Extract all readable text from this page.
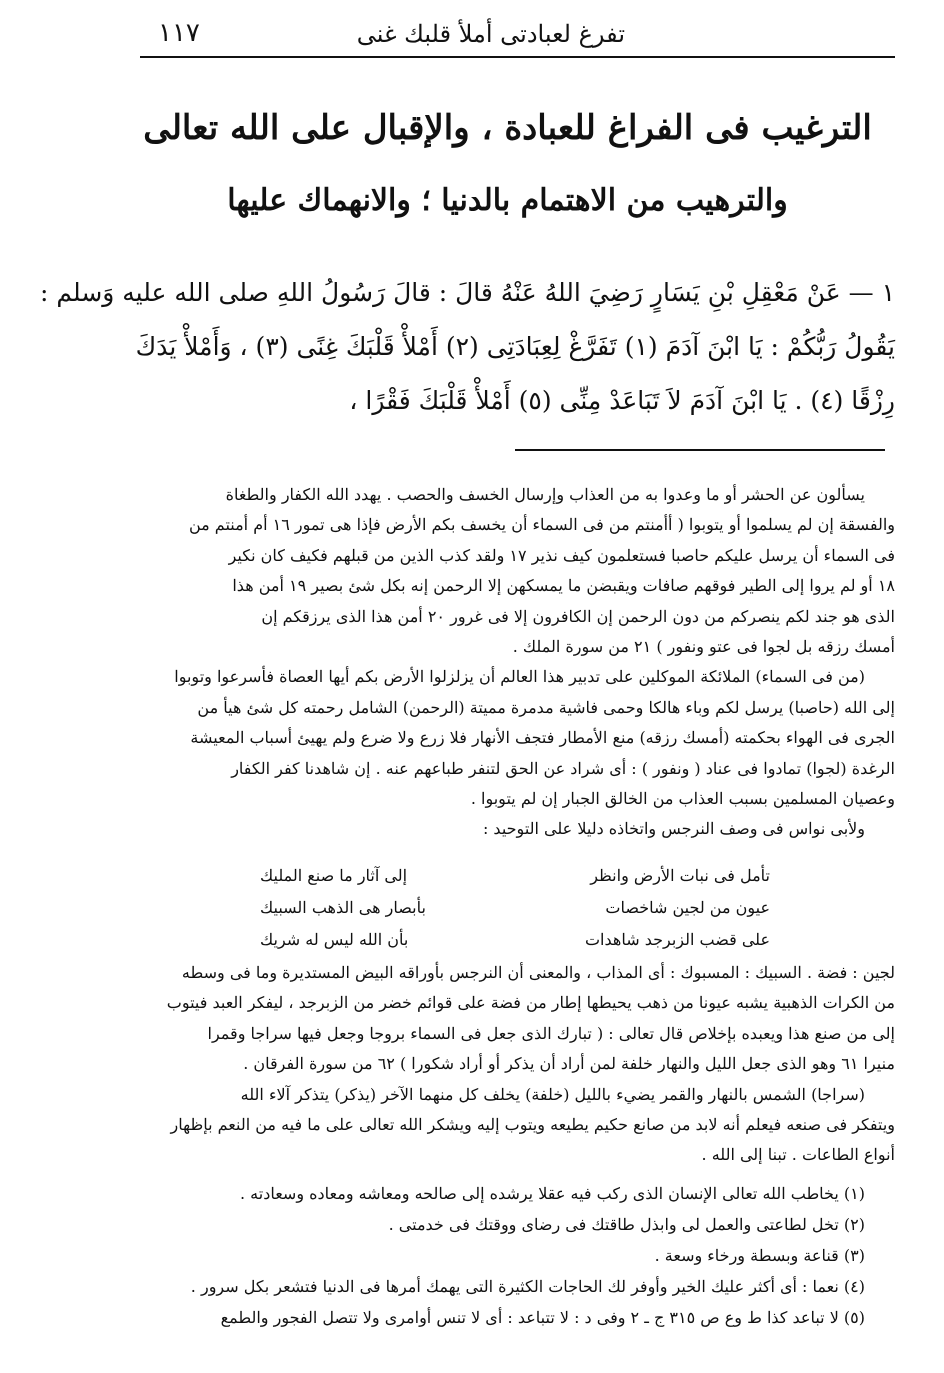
تفرغ لعبادتى أملأ قلبك غنى
١١٧
الترغيب فى الفراغ للعبادة ، والإقبال على الله تعالى
والترهيب من الاهتمام بالدنيا ؛ والانهماك عليها
١ — عَنْ مَعْقِلِ بْنِ يَسَارٍ رَضِيَ اللهُ عَنْهُ قالَ : قالَ رَسُولُ اللهِ صلى الله عليه وَسلم :
يَقُولُ رَبُّكُمْ : يَا ابْنَ آدَمَ (١) تَفَرَّغْ لِعِبَادَتِى (٢) أَمْلأْ قَلْبَكَ غِنًى (٣) ، وَأَمْلأْ يَدَكَ
رِزْقًا (٤) . يَا ابْنَ آدَمَ لاَ تَبَاعَدْ مِنِّى (٥) أَمْلأْ قَلْبَكَ فَقْرًا ،
يسألون عن الحشر أو ما وعدوا به من العذاب وإرسال الخسف والحصب . يهدد الله الكفار والطغاة
والفسقة إن لم يسلموا أو يتوبوا ( أأمنتم من فى السماء أن يخسف بكم الأرض فإذا هى تمور ١٦ أم أمنتم من
فى السماء أن يرسل عليكم حاصبا فستعلمون كيف نذير ١٧ ولقد كذب الذين من قبلهم فكيف كان نكير
١٨ أو لم يروا إلى الطير فوقهم صافات ويقبضن ما يمسكهن إلا الرحمن إنه بكل شئ بصير ١٩ أمن هذا
الذى هو جند لكم ينصركم من دون الرحمن إن الكافرون إلا فى غرور ٢٠ أمن هذا الذى يرزقكم إن
أمسك رزقه بل لجوا فى عتو ونفور ) ٢١ من سورة الملك .
(من فى السماء) الملائكة الموكلين على تدبير هذا العالم أن يزلزلوا الأرض بكم أيها العصاة فأسرعوا وتوبوا
إلى الله (حاصبا) يرسل لكم وباء هالكا وحمى فاشية مدمرة مميتة (الرحمن) الشامل رحمته كل شئ هيأ من
الجرى فى الهواء بحكمته (أمسك رزقه) منع الأمطار فتجف الأنهار فلا زرع ولا ضرع ولم يهيئ أسباب المعيشة
الرغدة (لجوا) تمادوا فى عناد ( ونفور ) : أى شراد عن الحق لتنفر طباعهم عنه . إن شاهدنا كفر الكفار
وعصيان المسلمين بسبب العذاب من الخالق الجبار إن لم يتوبوا .
ولأبى نواس فى وصف النرجس واتخاذه دليلا على التوحيد :
تأمل فى نبات الأرض وانظر
إلى آثار ما صنع المليك
عيون من لجين شاخصات
بأبصار هى الذهب السبيك
على قضب الزبرجد شاهدات
بأن الله ليس له شريك
لجين : فضة . السبيك : المسبوك : أى المذاب ، والمعنى أن النرجس بأوراقه البيض المستديرة وما فى وسطه
من الكرات الذهبية يشبه عيونا من ذهب يحيطها إطار من فضة على قوائم خضر من الزبرجد ، ليفكر العبد فيتوب
إلى من صنع هذا ويعبده بإخلاص قال تعالى : ( تبارك الذى جعل فى السماء بروجا وجعل فيها سراجا وقمرا
منيرا ٦١ وهو الذى جعل الليل والنهار خلفة لمن أراد أن يذكر أو أراد شكورا ) ٦٢ من سورة الفرقان .
(سراجا) الشمس بالنهار والقمر يضيء بالليل (خلفة) يخلف كل منهما الآخر (يذكر) يتذكر آلاء الله
ويتفكر فى صنعه فيعلم أنه لابد من صانع حكيم يطيعه ويتوب إليه ويشكر الله تعالى على ما فيه من النعم بإظهار
أنواع الطاعات . تبنا إلى الله .
(١) يخاطب الله تعالى الإنسان الذى ركب فيه عقلا يرشده إلى صالحه ومعاشه ومعاده وسعادته .
(٢) تخل لطاعتى والعمل لى وابذل طاقتك فى رضاى ووقتك فى خدمتى .
(٣) قناعة وبسطة ورخاء وسعة .
(٤) نعما : أى أكثر عليك الخير وأوفر لك الحاجات الكثيرة التى يهمك أمرها فى الدنيا فتشعر بكل سرور .
(٥) لا تباعد كذا ط وع ص ٣١٥ ج ـ ٢ وفى د : لا تتباعد : أى لا تنس أوامرى ولا تتصل الفجور والطمع
